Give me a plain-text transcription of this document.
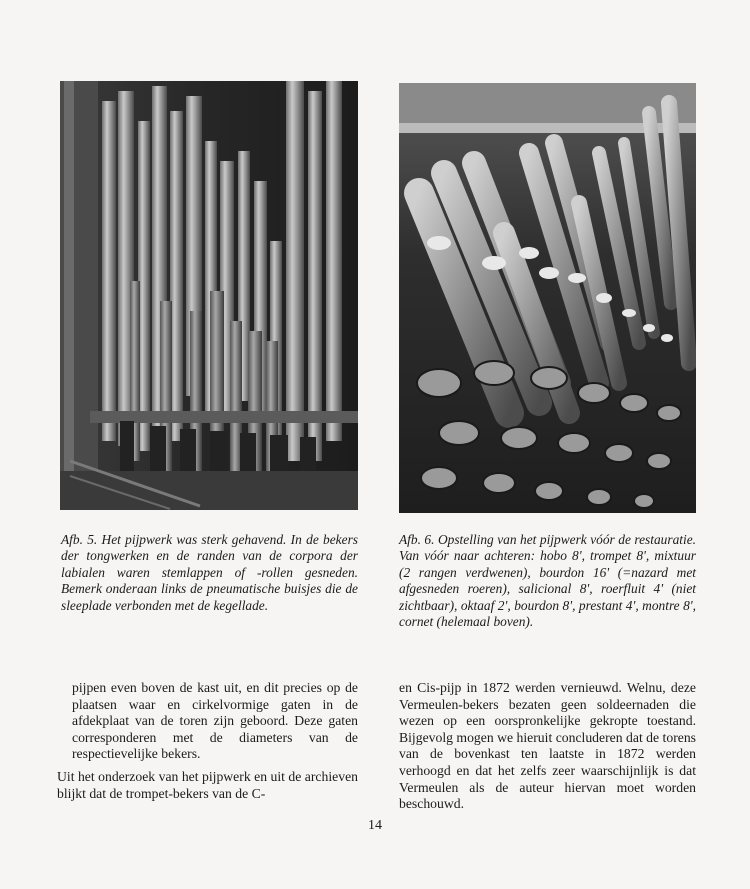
Afb. 5. Het pijpwerk was sterk gehavend. In de bekers der tongwerken en de randen van de corpora der labialen waren stemlappen of -rollen gesneden. Bemerk onderaan links de pneumatische buisjes die de sleeplade verbonden met de kegellade.

Afb. 6. Opstelling van het pijpwerk vóór de restauratie. Van vóór naar achteren: hobo 8', trompet 8', mixtuur (2 rangen verdwenen), bourdon 16' (=nazard met afgesneden roeren), salicional 8', roerfluit 4' (niet zichtbaar), oktaaf 2', bourdon 8', prestant 4', montre 8', cornet (helemaal boven).

pijpen even boven de kast uit, en dit precies op de plaatsen waar en cirkelvormige gaten in de afdekplaat van de toren zijn geboord. Deze gaten corresponderen met de diameters van de respectievelijke bekers.

Uit het onderzoek van het pijpwerk en uit de archieven blijkt dat de trompet-bekers van de C-

en Cis-pijp in 1872 werden vernieuwd. Welnu, deze Vermeulen-bekers bezaten geen soldeernaden die wezen op een oorspronkelijke gekropte toestand. Bijgevolg mogen we hieruit concluderen dat de torens van de bovenkast ten laatste in 1872 werden verhoogd en dat het zelfs zeer waarschijnlijk is dat Vermeulen als de auteur hiervan moet worden beschouwd.

14
